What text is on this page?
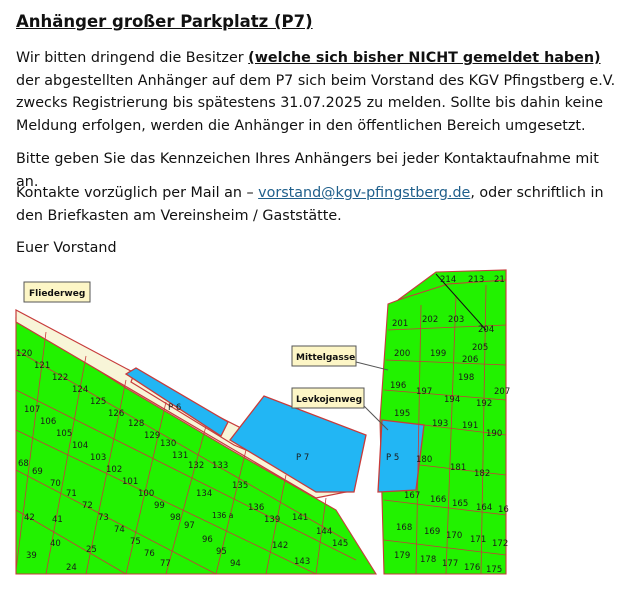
Anhänger großer Parkplatz (P7)

Wir bitten dringend die Besitzer (welche sich bisher NICHT gemeldet haben) der abgestellten Anhänger auf dem P7 sich beim Vorstand des KGV Pfingstberg e.V. zwecks Registrierung bis spätestens 31.07.2025 zu melden. Sollte bis dahin keine Meldung erfolgen, werden die Anhänger in den öffentlichen Bereich umgesetzt.

Bitte geben Sie das Kennzeichen Ihres Anhängers bei jeder Kontaktaufnahme mit an.

Kontakte vorzüglich per Mail an – vorstand@kgv-pfingstberg.de, oder schriftlich in den Briefkasten am Vereinsheim / Gaststätte.

Euer Vorstand

Fliederweg
Mittelgasse
Levkojenweg
P 6
P 7	P 5
120
121
122
124
125
126
128
129
130
131
132 133
107
106
105
104
103
102
101
100
99
98
69
70
71
72
73
74
75
76
77
42 41
40
39
25
24
97
96
95
94
68
136 a
134
135
136
139 141
144
145
142
143
214 213 21
201 202 203
204
205
206
200 199
198
207
196
197
194 192
195
193 191
190
180
181
182
167 166 165 164 16
168 169 170 171 172
179 178 177 176 175
